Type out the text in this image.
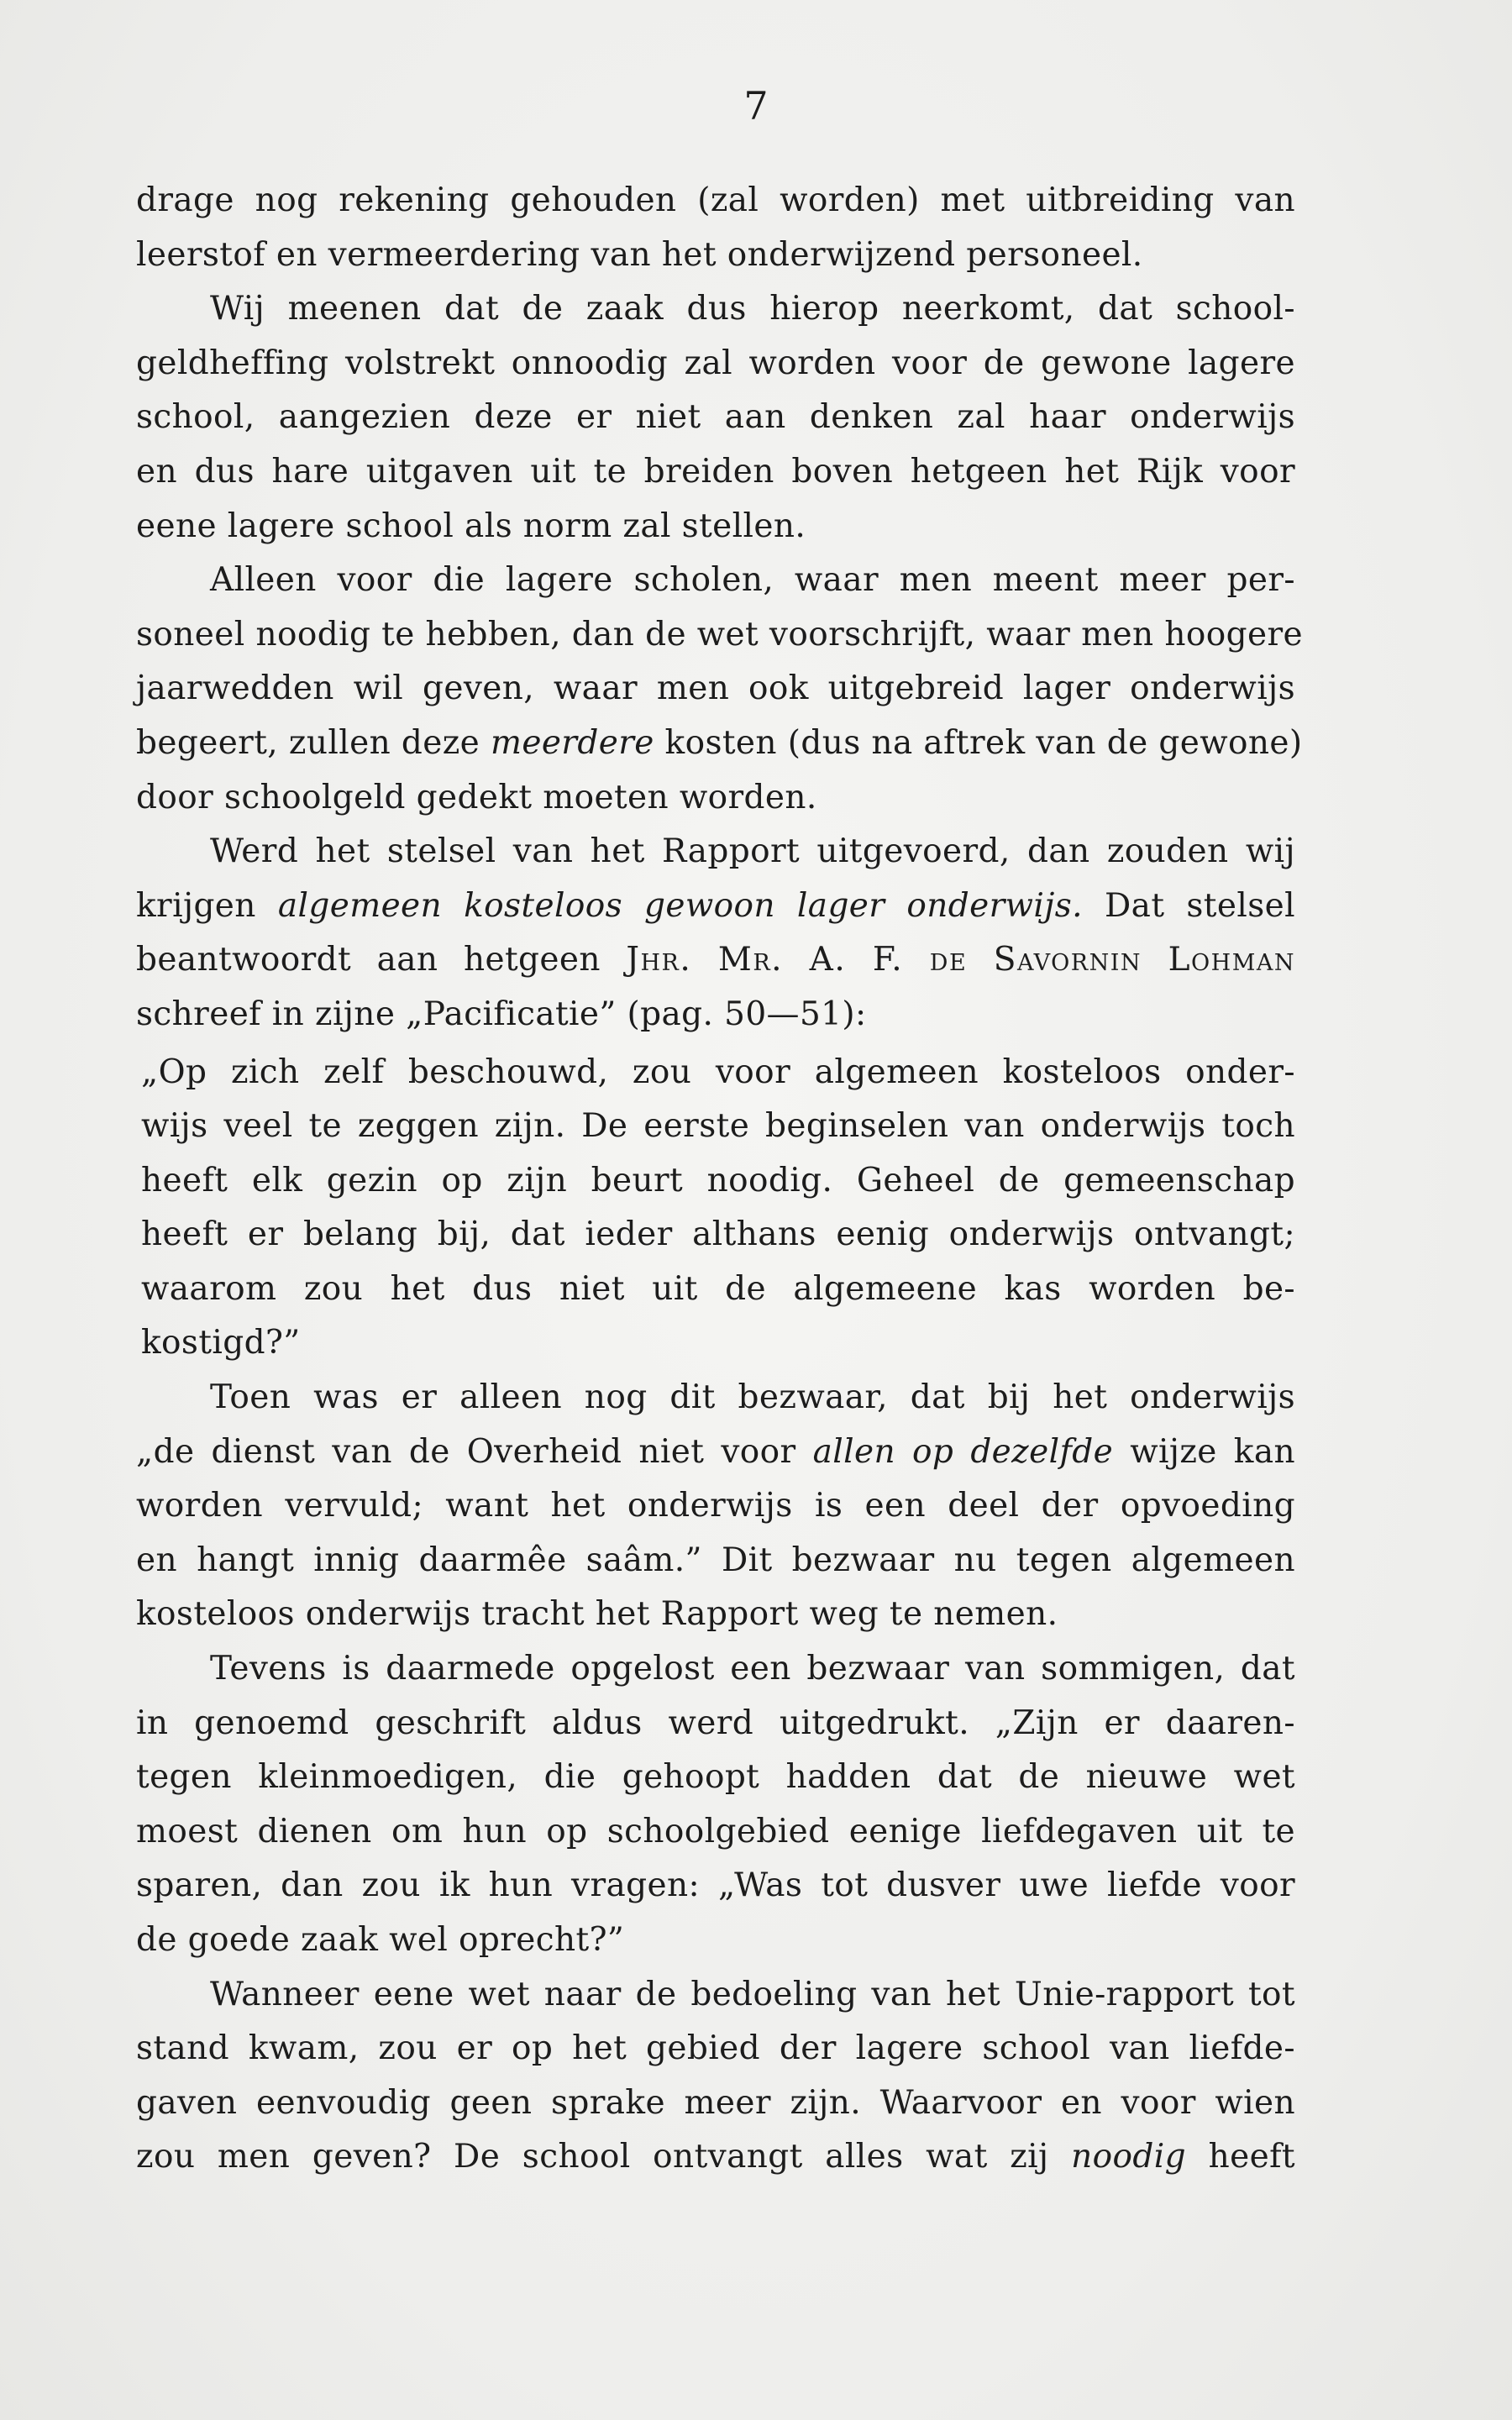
7
drage nog rekening gehouden (zal worden) met uitbreiding van
leerstof en vermeerdering van het onderwijzend personeel.
Wij meenen dat de zaak dus hierop neerkomt, dat school-
geldheffing volstrekt onnoodig zal worden voor de gewone lagere
school, aangezien deze er niet aan denken zal haar onderwijs
en dus hare uitgaven uit te breiden boven hetgeen het Rijk voor
eene lagere school als norm zal stellen.
Alleen voor die lagere scholen, waar men meent meer per-
soneel noodig te hebben, dan de wet voorschrijft, waar men hoogere
jaarwedden wil geven, waar men ook uitgebreid lager onderwijs
begeert, zullen deze meerdere kosten (dus na aftrek van de gewone)
door schoolgeld gedekt moeten worden.
Werd het stelsel van het Rapport uitgevoerd, dan zouden wij
krijgen algemeen kosteloos gewoon lager onderwijs. Dat stelsel
beantwoordt aan hetgeen Jhr. Mr. A. F. de Savornin Lohman
schreef in zijne „Pacificatie” (pag. 50—51):
„Op zich zelf beschouwd, zou voor algemeen kosteloos onder-
wijs veel te zeggen zijn. De eerste beginselen van onderwijs toch
heeft elk gezin op zijn beurt noodig. Geheel de gemeenschap
heeft er belang bij, dat ieder althans eenig onderwijs ontvangt;
waarom zou het dus niet uit de algemeene kas worden be-
kostigd?”
Toen was er alleen nog dit bezwaar, dat bij het onderwijs
„de dienst van de Overheid niet voor allen op dezelfde wijze kan
worden vervuld; want het onderwijs is een deel der opvoeding
en hangt innig daarmêe saâm.” Dit bezwaar nu tegen algemeen
kosteloos onderwijs tracht het Rapport weg te nemen.
Tevens is daarmede opgelost een bezwaar van sommigen, dat
in genoemd geschrift aldus werd uitgedrukt. „Zijn er daaren-
tegen kleinmoedigen, die gehoopt hadden dat de nieuwe wet
moest dienen om hun op schoolgebied eenige liefdegaven uit te
sparen, dan zou ik hun vragen: „Was tot dusver uwe liefde voor
de goede zaak wel oprecht?”
Wanneer eene wet naar de bedoeling van het Unie-rapport tot
stand kwam, zou er op het gebied der lagere school van liefde-
gaven eenvoudig geen sprake meer zijn. Waarvoor en voor wien
zou men geven? De school ontvangt alles wat zij noodig heeft
